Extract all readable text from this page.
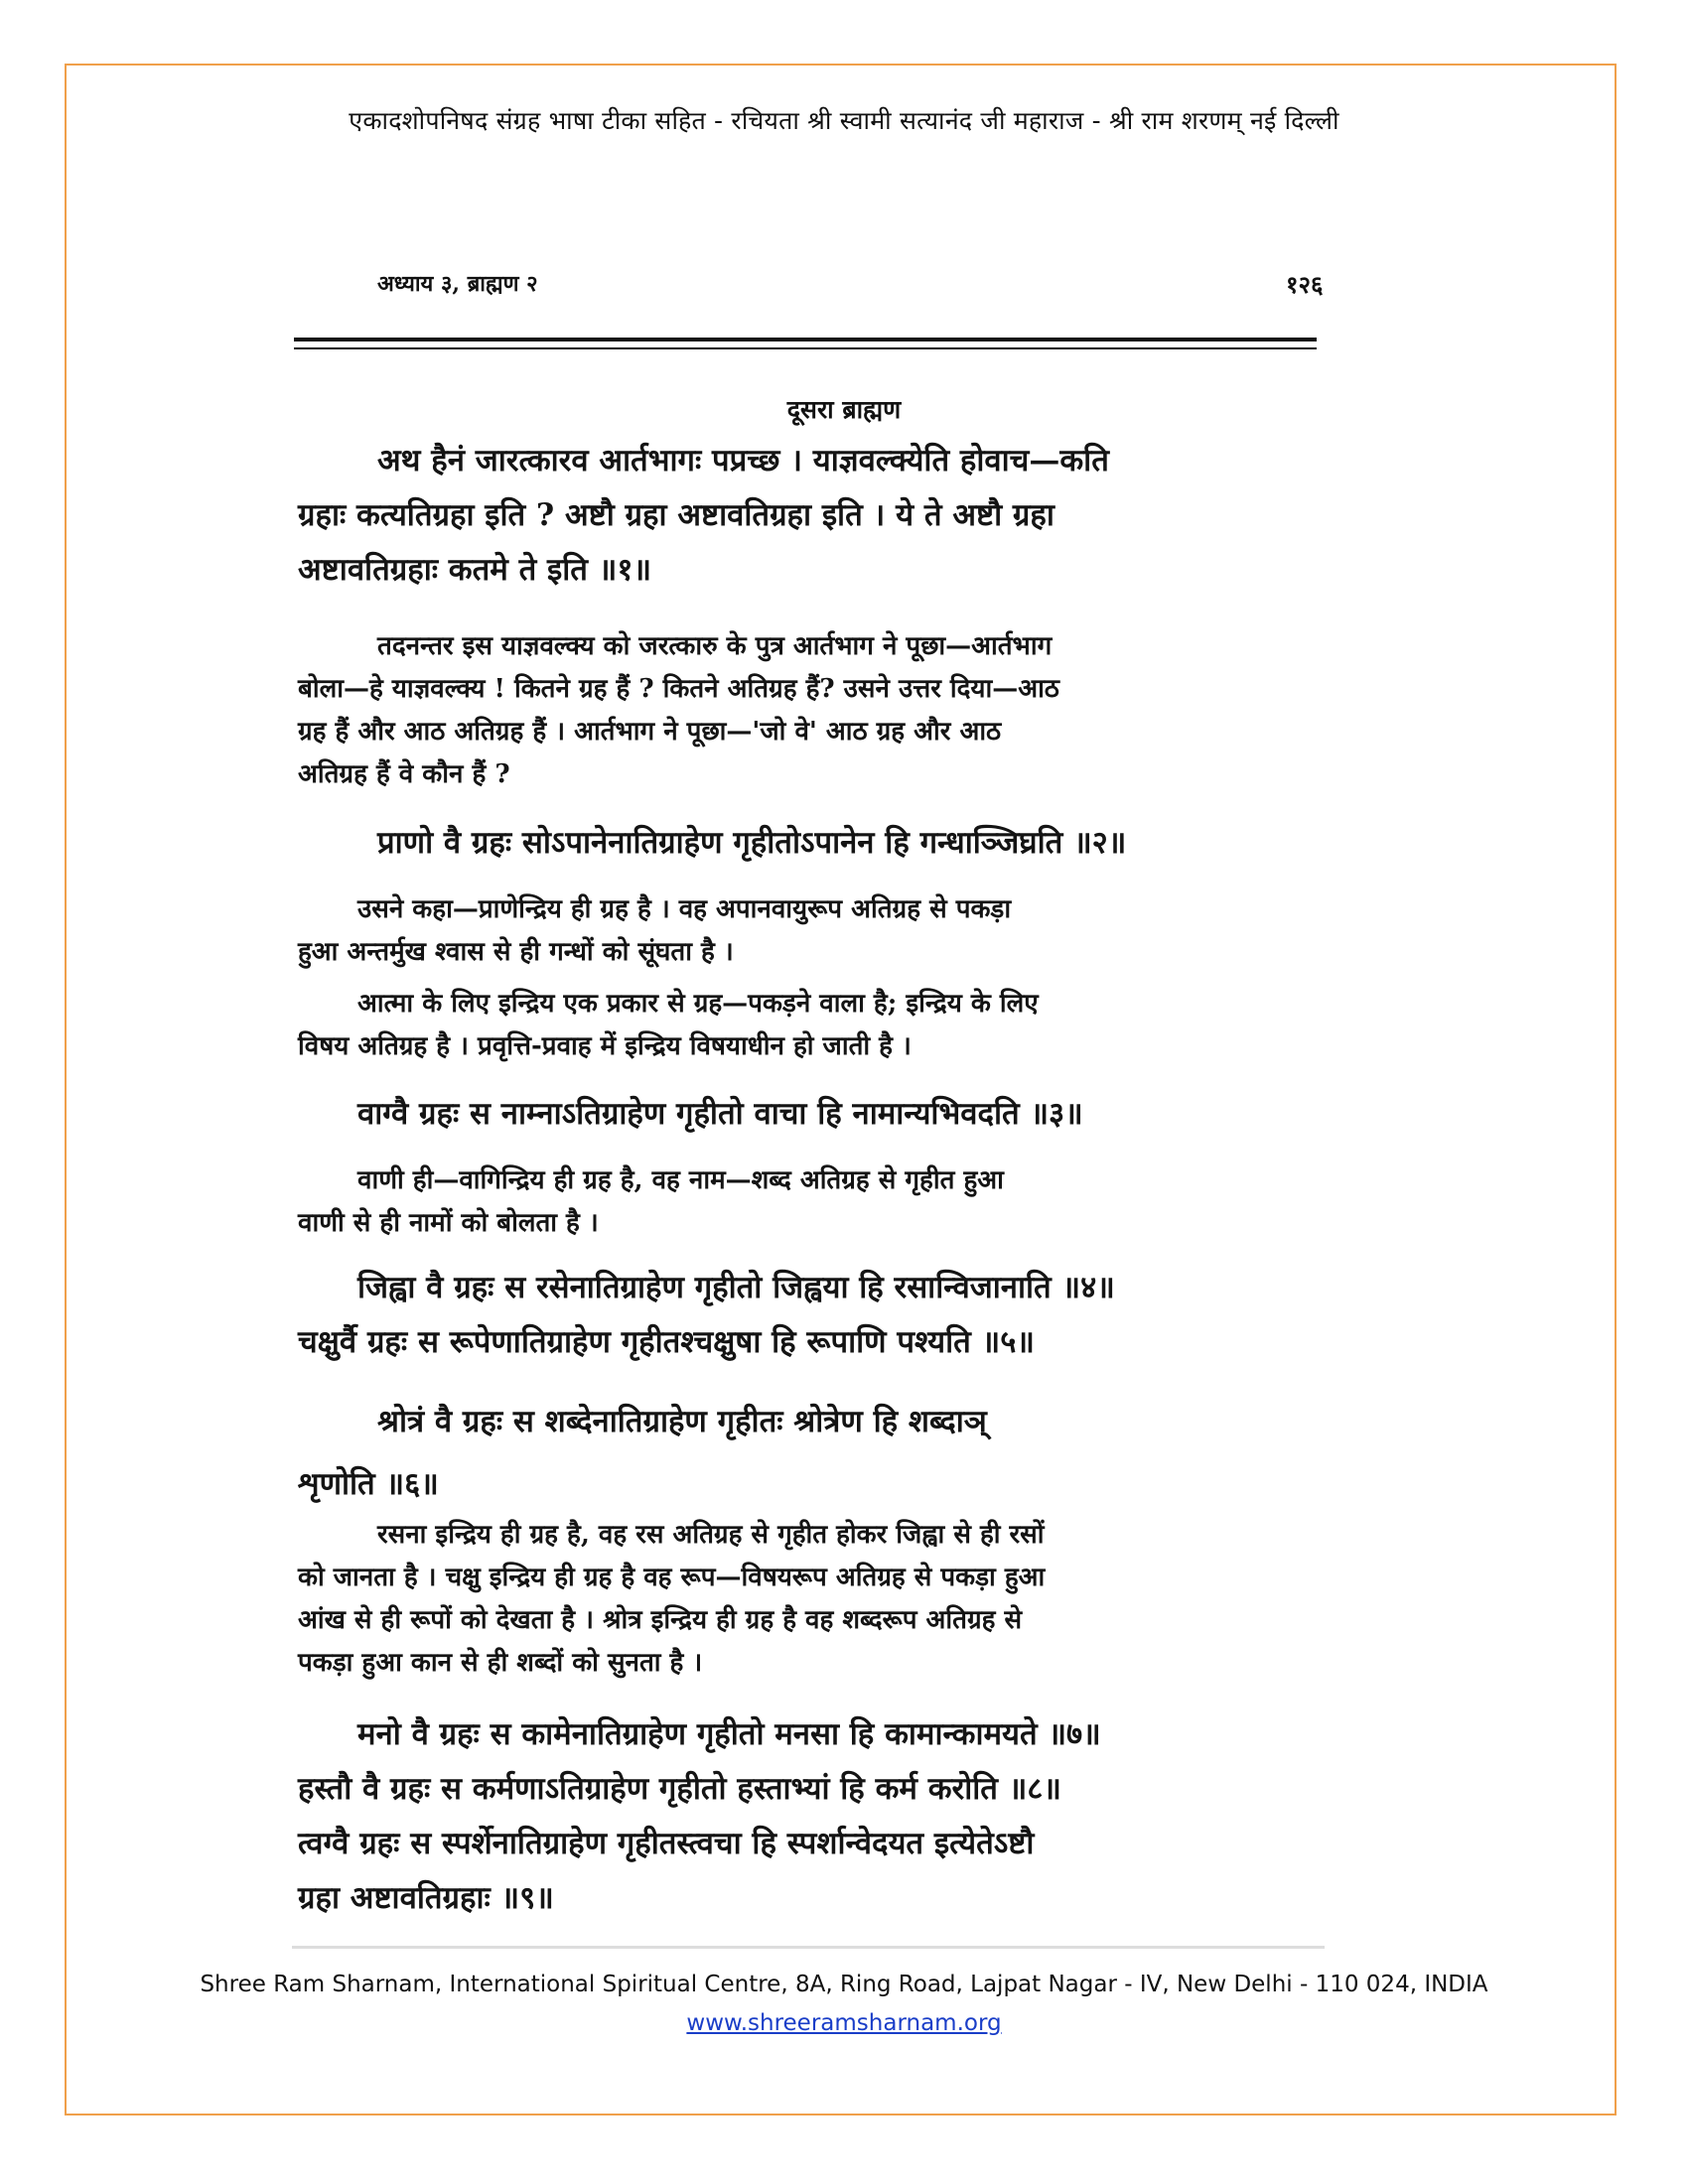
एकादशोपनिषद संग्रह भाषा टीका सहित - रचियता श्री स्वामी सत्यानंद जी महाराज - श्री राम शरणम् नई दिल्ली
अध्याय ३, ब्राह्मण २	१२६
दूसरा ब्राह्मण
अथ हैनं जारत्कारव आर्तभागः पप्रच्छ । याज्ञवल्क्येति होवाच—कति
ग्रहाः कत्यतिग्रहा इति ? अष्टौ ग्रहा अष्टावतिग्रहा इति । ये ते अष्टौ ग्रहा
अष्टावतिग्रहाः कतमे ते इति ॥१॥
तदनन्तर इस याज्ञवल्क्य को जरत्कारु के पुत्र आर्तभाग ने पूछा—आर्तभाग
बोला—हे याज्ञवल्क्य ! कितने ग्रह हैं ? कितने अतिग्रह हैं? उसने उत्तर दिया—आठ
ग्रह हैं और आठ अतिग्रह हैं । आर्तभाग ने पूछा—'जो वे' आठ ग्रह और आठ
अतिग्रह हैं वे कौन हैं ?
प्राणो वै ग्रहः सोऽपानेनातिग्राहेण गृहीतोऽपानेन हि गन्धाञ्जिघ्रति ॥२॥
उसने कहा—प्राणेन्द्रिय ही ग्रह है । वह अपानवायुरूप अतिग्रह से पकड़ा
हुआ अन्तर्मुख श्वास से ही गन्धों को सूंघता है ।
आत्मा के लिए इन्द्रिय एक प्रकार से ग्रह—पकड़ने वाला है; इन्द्रिय के लिए
विषय अतिग्रह है । प्रवृत्ति-प्रवाह में इन्द्रिय विषयाधीन हो जाती है ।
वाग्वै ग्रहः स नाम्नाऽतिग्राहेण गृहीतो वाचा हि नामान्यभिवदति ॥३॥
वाणी ही—वागिन्द्रिय ही ग्रह है, वह नाम—शब्द अतिग्रह से गृहीत हुआ
वाणी से ही नामों को बोलता है ।
जिह्वा वै ग्रहः स रसेनातिग्राहेण गृहीतो जिह्वया हि रसान्विजानाति ॥४॥
चक्षुर्वै ग्रहः स रूपेणातिग्राहेण गृहीतश्चक्षुषा हि रूपाणि पश्यति ॥५॥
श्रोत्रं वै ग्रहः स शब्देनातिग्राहेण गृहीतः श्रोत्रेण हि शब्दाञ्
शृणोति ॥६॥
रसना इन्द्रिय ही ग्रह है, वह रस अतिग्रह से गृहीत होकर जिह्वा से ही रसों
को जानता है । चक्षु इन्द्रिय ही ग्रह है वह रूप—विषयरूप अतिग्रह से पकड़ा हुआ
आंख से ही रूपों को देखता है । श्रोत्र इन्द्रिय ही ग्रह है वह शब्दरूप अतिग्रह से
पकड़ा हुआ कान से ही शब्दों को सुनता है ।
मनो वै ग्रहः स कामेनातिग्राहेण गृहीतो मनसा हि कामान्कामयते ॥७॥
हस्तौ वै ग्रहः स कर्मणाऽतिग्राहेण गृहीतो हस्ताभ्यां हि कर्म करोति ॥८॥
त्वग्वै ग्रहः स स्पर्शेनातिग्राहेण गृहीतस्त्वचा हि स्पर्शान्वेदयत इत्येतेऽष्टौ
ग्रहा अष्टावतिग्रहाः ॥९॥
Shree Ram Sharnam, International Spiritual Centre, 8A, Ring Road, Lajpat Nagar - IV, New Delhi - 110 024, INDIA
www.shreeramsharnam.org
